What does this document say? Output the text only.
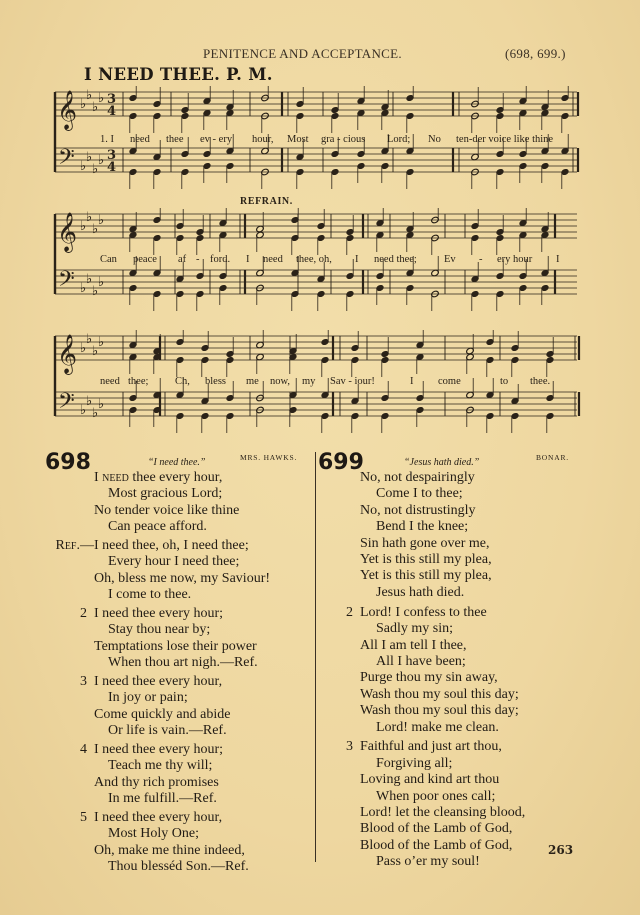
PENITENCE AND ACCEPTANCE.	(698, 699.)
I NEED THEE. P. M.
REFRAIN.
𝄞
𝄢
♭
♭
♭
♭
♭
♭
♭
♭
3
4
3
4
1. I need thee ev - ery hour, Most gra - cious Lord; No ten-der voice like thine
𝄞
𝄢
♭
♭
♭
♭
♭
♭
♭
♭
Can peace af - ford. I need thee, oh, I need thee;	Ev - ery hour I
𝄞
𝄢
♭
♭
♭
♭
♭
♭
♭
♭
need thee;	Ch, bless me now, my Sav - iour!	I come	to thee.
698	“I need thee.”	MRS. HAWKS.
I need thee every hour,
Most gracious Lord;
No tender voice like thine
Can peace afford.
Ref.— I need thee, oh, I need thee;
Every hour I need thee;
Oh, bless me now, my Saviour!
I come to thee.
2 I need thee every hour;
Stay thou near by;
Temptations lose their power
When thou art nigh.—Ref.
3 I need thee every hour,
In joy or pain;
Come quickly and abide
Or life is vain.—Ref.
4 I need thee every hour;
Teach me thy will;
And thy rich promises
In me fulfill.—Ref.
5 I need thee every hour,
Most Holy One;
Oh, make me thine indeed,
Thou blesséd Son.—Ref.
699	“Jesus hath died.”	BONAR.
No, not despairingly
Come I to thee;
No, not distrustingly
Bend I the knee;
Sin hath gone over me,
Yet is this still my plea,
Yet is this still my plea,
Jesus hath died.
2 Lord! I confess to thee
Sadly my sin;
All I am tell I thee,
All I have been;
Purge thou my sin away,
Wash thou my soul this day;
Wash thou my soul this day;
Lord! make me clean.
3 Faithful and just art thou,
Forgiving all;
Loving and kind art thou
When poor ones call;
Lord! let the cleansing blood,
Blood of the Lamb of God,
Blood of the Lamb of God,
Pass o’er my soul!
263
